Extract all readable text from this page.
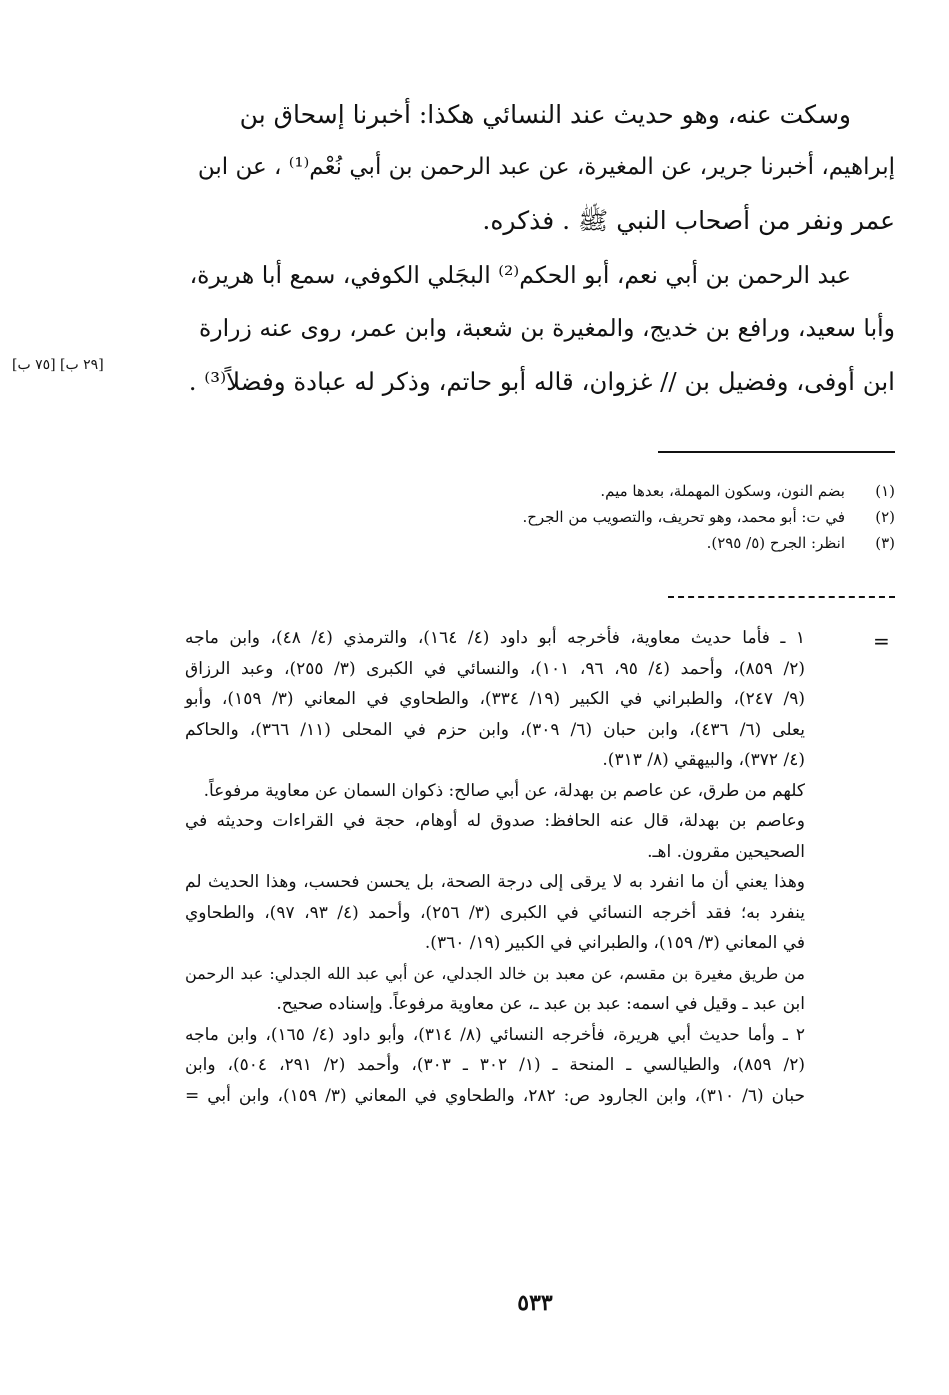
وسكت عنه، وهو حديث عند النسائي هكذا: أخبرنا إسحاق بن
إبراهيم، أخبرنا جرير، عن المغيرة، عن عبد الرحمن بن أبي نُعْم⁽¹⁾ ، عن ابن
عمر ونفر من أصحاب النبي ﷺ . فذكره.

عبد الرحمن بن أبي نعم، أبو الحكم⁽²⁾ البجَلي الكوفي، سمع أبا هريرة،
وأبا سعيد، ورافع بن خديج، والمغيرة بن شعبة، وابن عمر، روى عنه زرارة
ابن أوفى، وفضيل بن // غزوان، قاله أبو حاتم، وذكر له عبادة وفضلاً⁽³⁾ .

[٢٩ ب] [٧٥ ب]
(١)
بضم النون، وسكون المهملة، بعدها ميم.
(٢)
في ت: أبو محمد، وهو تحريف، والتصويب من الجرح.
(٣)
انظر: الجرح (٥/ ٢٩٥).
=
١ ـ فأما حديث معاوية، فأخرجه أبو داود (٤/ ١٦٤)، والترمذي (٤/ ٤٨)، وابن ماجه
(٢/ ٨٥٩)، وأحمد (٤/ ٩٥، ٩٦، ١٠١)، والنسائي في الكبرى (٣/ ٢٥٥)، وعبد الرزاق
(٩/ ٢٤٧)، والطبراني في الكبير (١٩/ ٣٣٤)، والطحاوي في المعاني (٣/ ١٥٩)، وأبو
يعلى (٦/ ٤٣٦)، وابن حبان (٦/ ٣٠٩)، وابن حزم في المحلى (١١/ ٣٦٦)، والحاكم
(٤/ ٣٧٢)، والبيهقي (٨/ ٣١٣).
كلهم من طرق، عن عاصم بن بهدلة، عن أبي صالح: ذكوان السمان عن معاوية مرفوعاً.
وعاصم بن بهدلة، قال عنه الحافظ: صدوق له أوهام، حجة في القراءات وحديثه في
الصحيحين مقرون. اهـ.
وهذا يعني أن ما انفرد به لا يرقى إلى درجة الصحة، بل يحسن فحسب، وهذا الحديث لم
ينفرد به؛ فقد أخرجه النسائي في الكبرى (٣/ ٢٥٦)، وأحمد (٤/ ٩٣، ٩٧)، والطحاوي
في المعاني (٣/ ١٥٩)، والطبراني في الكبير (١٩/ ٣٦٠).
من طريق مغيرة بن مقسم، عن معبد بن خالد الجدلي، عن أبي عبد الله الجدلي: عبد الرحمن
ابن عبد ـ وقيل في اسمه: عبد بن عبد ـ، عن معاوية مرفوعاً. وإسناده صحيح.
٢ ـ وأما حديث أبي هريرة، فأخرجه النسائي (٨/ ٣١٤)، وأبو داود (٤/ ١٦٥)، وابن ماجه
(٢/ ٨٥٩)، والطيالسي ـ المنحة ـ (١/ ٣٠٢ ـ ٣٠٣)، وأحمد (٢/ ٢٩١، ٥٠٤)، وابن
حبان (٦/ ٣١٠)، وابن الجارود ص: ٢٨٢، والطحاوي في المعاني (٣/ ١٥٩)، وابن أبي =
٥٣٣
